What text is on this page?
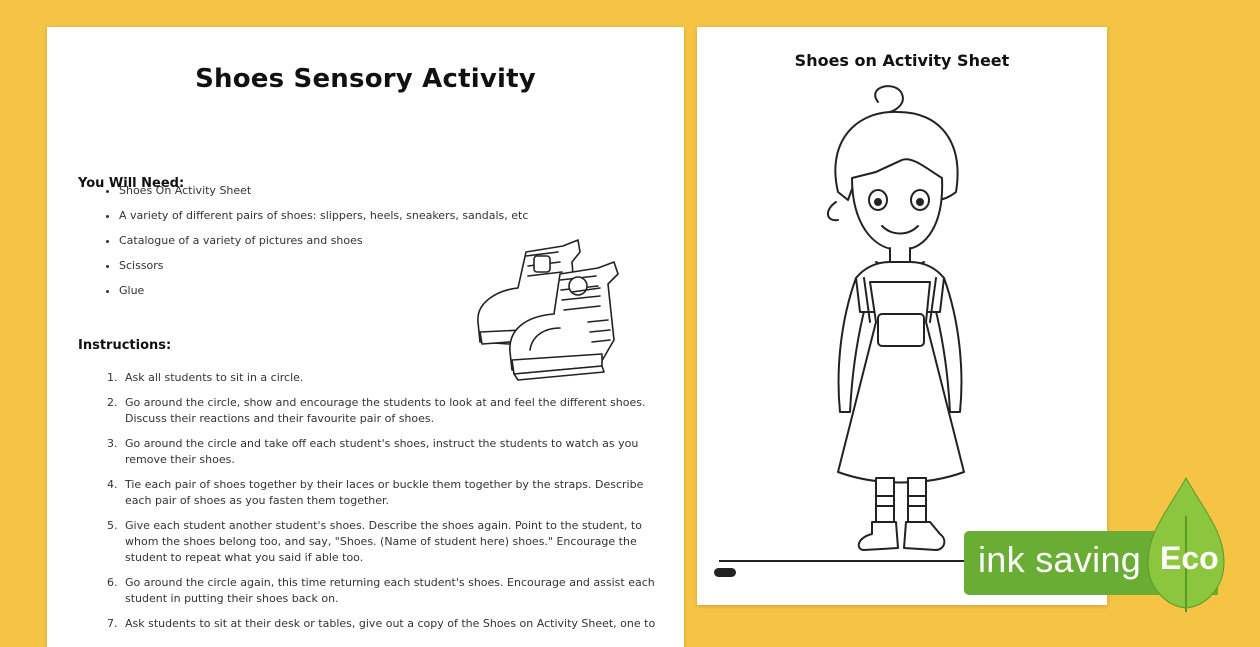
Shoes Sensory Activity
You Will Need:
• Shoes On Activity Sheet
• A variety of different pairs of shoes: slippers, heels, sneakers, sandals, etc
• Catalogue of a variety of pictures and shoes
• Scissors
• Glue
Instructions:
1. Ask all students to sit in a circle.
2. Go around the circle, show and encourage the students to look at and feel the different shoes. Discuss their reactions and their favourite pair of shoes.
3. Go around the circle and take off each student's shoes, instruct the students to watch as you remove their shoes.
4. Tie each pair of shoes together by their laces or buckle them together by the straps. Describe each pair of shoes as you fasten them together.
5. Give each student another student's shoes. Describe the shoes again. Point to the student, to whom the shoes belong too, and say, "Shoes. (Name of student here) shoes." Encourage the student to repeat what you said if able too.
6. Go around the circle again, this time returning each student's shoes. Encourage and assist each student in putting their shoes back on.
7. Ask students to sit at their desk or tables, give out a copy of the Shoes on Activity Sheet, one to
Shoes on Activity Sheet
ink saving Eco
